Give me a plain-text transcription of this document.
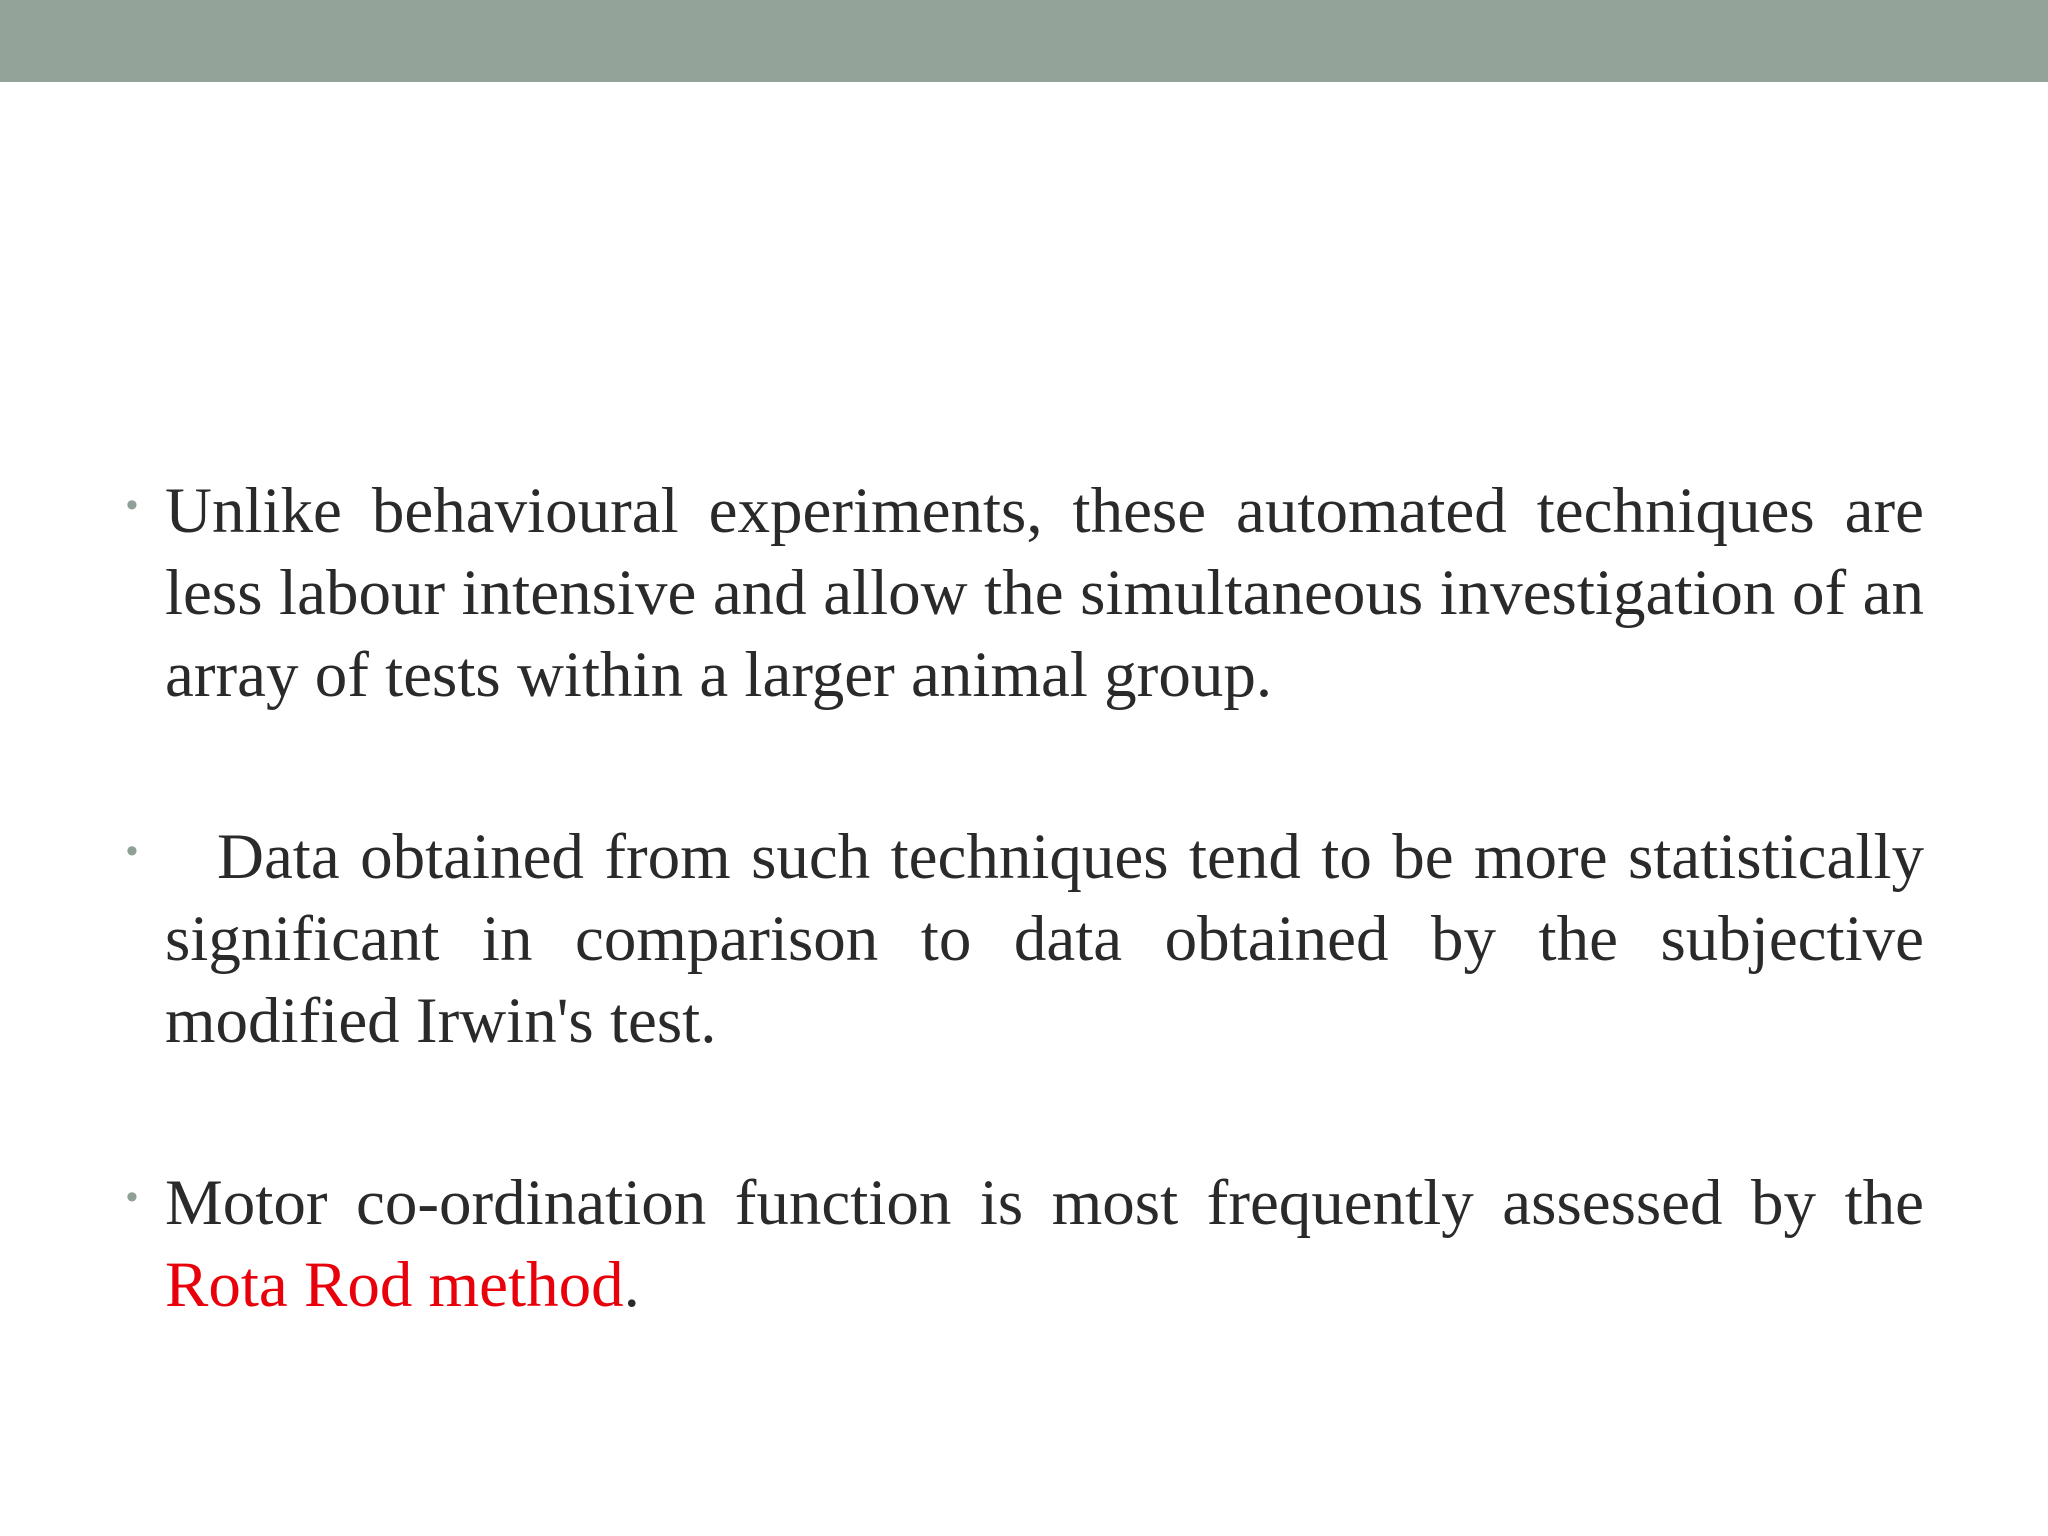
• Unlike behavioural experiments, these automated techniques are less labour intensive and allow the simultaneous investigation of an array of tests within a larger animal group.
• Data obtained from such techniques tend to be more statistically significant in comparison to data obtained by the subjective modified Irwin's test.
• Motor co-ordination function is most frequently assessed by the Rota Rod method.
